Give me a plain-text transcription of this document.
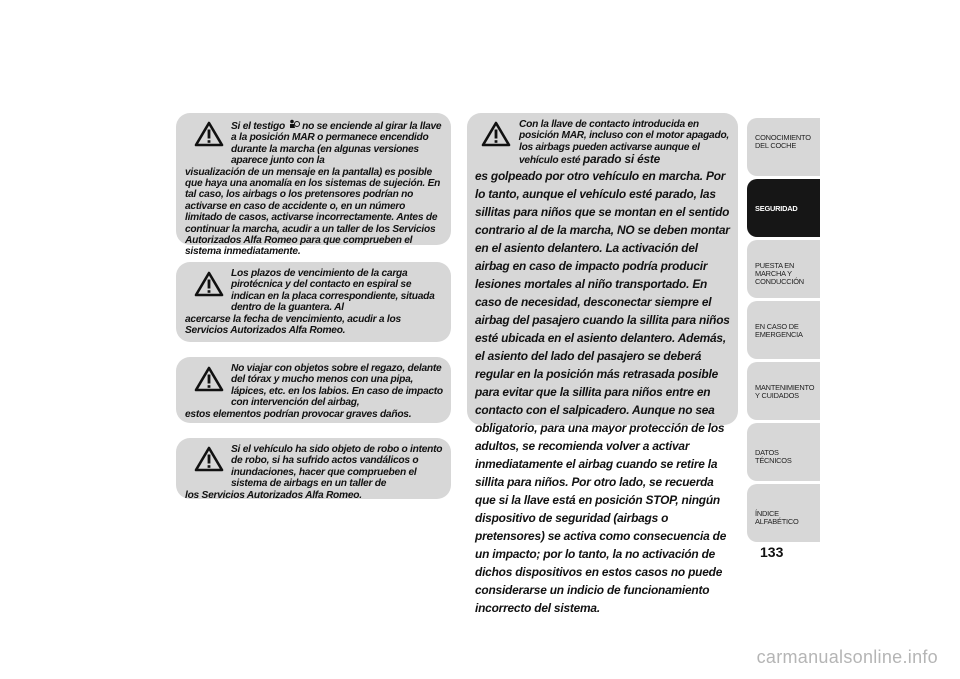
Si el testigo  no se enciende al girar la llave a la posición MAR o permanece encendido durante la marcha (en algunas versiones aparece junto con la
visualización de un mensaje en la pantalla) es posible que haya una anomalía en los sistemas de sujeción. En tal caso, los airbags o los pretensores podrían no activarse en caso de accidente o, en un número limitado de casos, activarse incorrectamente. Antes de continuar la marcha, acudir a un taller de los Servicios Autorizados Alfa Romeo para que comprueben el sistema inmediatamente.

Los plazos de vencimiento de la carga pirotécnica y del contacto en espiral se indican en la placa correspondiente, situada dentro de la guantera. Al
acercarse la fecha de vencimiento, acudir a los Servicios Autorizados Alfa Romeo.

No viajar con objetos sobre el regazo, delante del tórax y mucho menos con una pipa, lápices, etc. en los labios. En caso de impacto con intervención del airbag,
estos elementos podrían provocar graves daños.

Si el vehículo ha sido objeto de robo o intento de robo, si ha sufrido actos vandálicos o inundaciones, hacer que comprueben el sistema de airbags en un taller de
los Servicios Autorizados Alfa Romeo.

Con la llave de contacto introducida en posición MAR, incluso con el motor apagado, los airbags pueden activarse aunque el vehículo esté parado si éste
es golpeado por otro vehículo en marcha. Por lo tanto, aunque el vehículo esté parado, las sillitas para niños que se montan en el sentido contrario al de la marcha, NO se deben montar en el asiento delantero. La activación del airbag en caso de impacto podría producir lesiones mortales al niño transportado. En caso de necesidad, desconectar siempre el airbag del pasajero cuando la sillita para niños esté ubicada en el asiento delantero. Además, el asiento del lado del pasajero se deberá regular en la posición más retrasada posible para evitar que la sillita para niños entre en contacto con el salpicadero. Aunque no sea obligatorio, para una mayor protección de los adultos, se recomienda volver a activar inmediatamente el airbag cuando se retire la sillita para niños. Por otro lado, se recuerda que si la llave está en posición STOP, ningún dispositivo de seguridad (airbags o pretensores) se activa como consecuencia de un impacto; por lo tanto, la no activación de dichos dispositivos en estos casos no puede considerarse un indicio de funcionamiento incorrecto del sistema.

CONOCIMIENTO DEL COCHE
SEGURIDAD
PUESTA EN MARCHA Y CONDUCCIÓN
EN CASO DE EMERGENCIA
MANTENIMIENTO Y CUIDADOS
DATOS TÉCNICOS
ÍNDICE ALFABÉTICO
133
carmanualsonline.info
